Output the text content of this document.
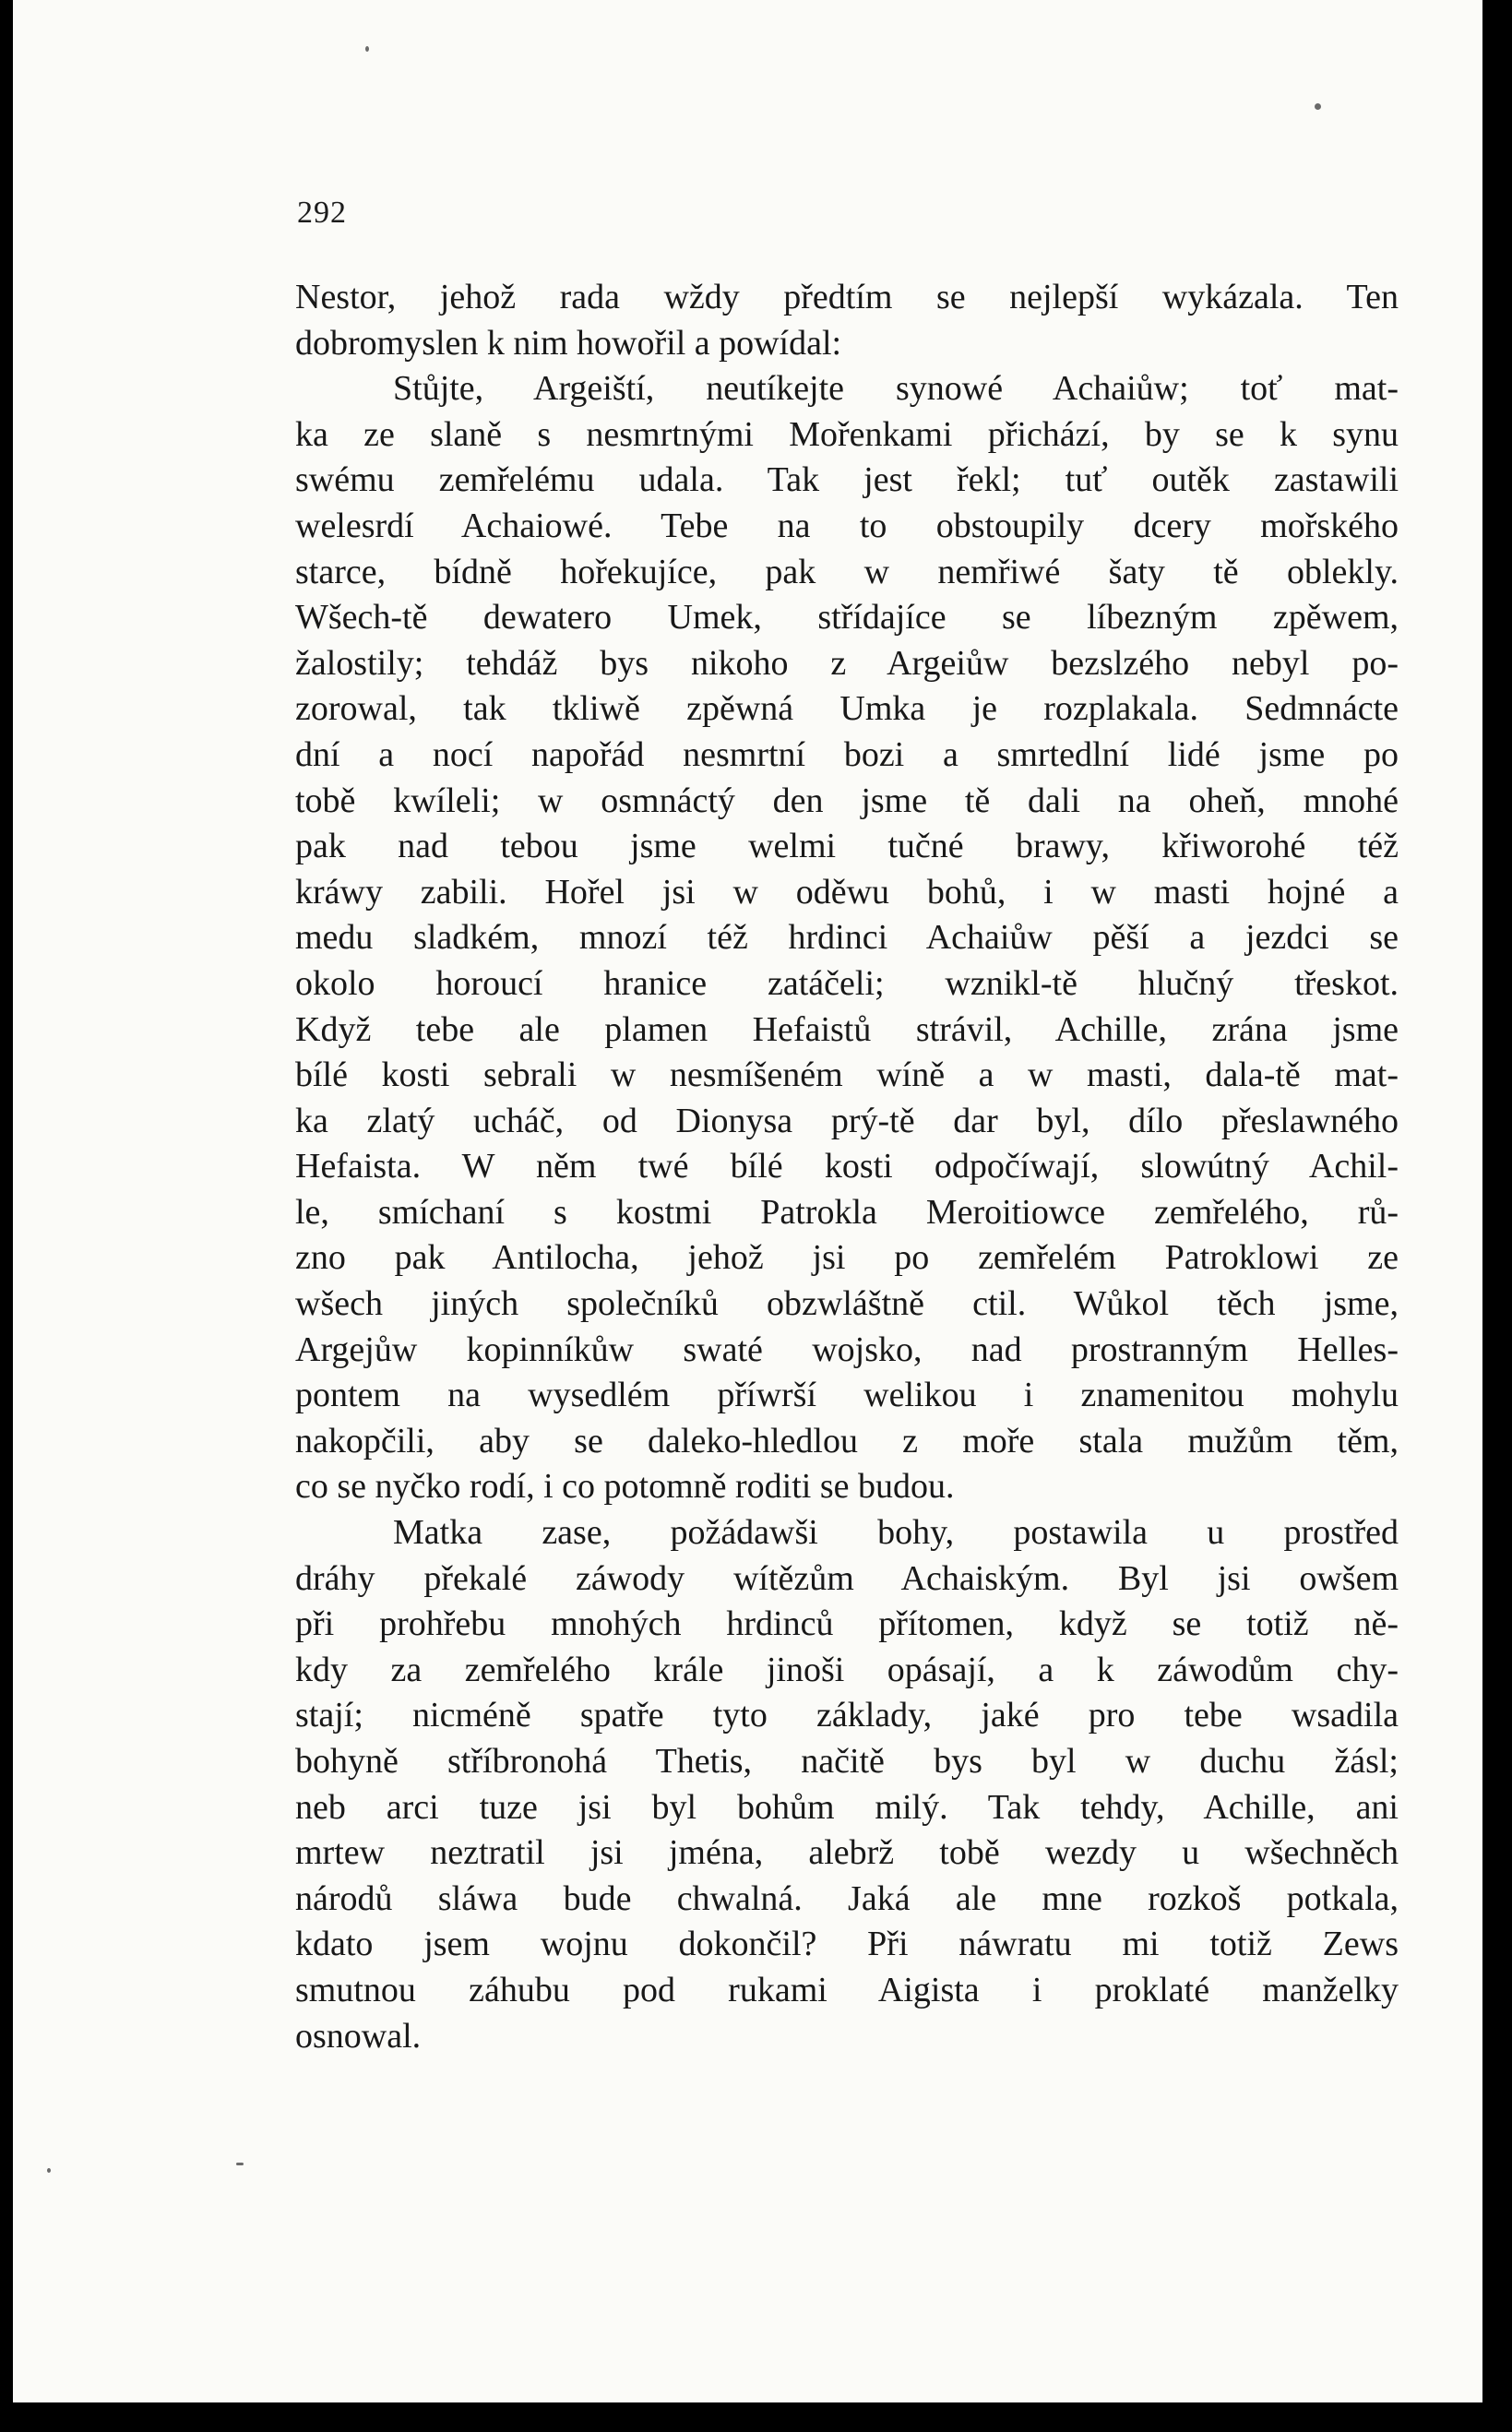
292
Nestor, jehož rada wždy předtím se nejlepší wykázala. Ten
dobromyslen k nim howořil a powídal:
Stůjte, Argeiští, neutíkejte synowé Achaiůw; toť mat-
ka ze slaně s nesmrtnými Mořenkami přichází, by se k synu
swému zemřelému udala. Tak jest řekl; tuť outěk zastawili
welesrdí Achaiowé. Tebe na to obstoupily dcery mořského
starce, bídně hořekujíce, pak w nemřiwé šaty tě oblekly.
Wšech-tě dewatero Umek, střídajíce se líbezným zpěwem,
žalostily; tehdáž bys nikoho z Argeiůw bezslzého nebyl po-
zorowal, tak tkliwě zpěwná Umka je rozplakala. Sedmnácte
dní a nocí napořád nesmrtní bozi a smrtedlní lidé jsme po
tobě kwíleli; w osmnáctý den jsme tě dali na oheň, mnohé
pak nad tebou jsme welmi tučné brawy, křiworohé též
kráwy zabili. Hořel jsi w oděwu bohů, i w masti hojné a
medu sladkém, mnozí též hrdinci Achaiůw pěší a jezdci se
okolo horoucí hranice zatáčeli; wznikl-tě hlučný třeskot.
Když tebe ale plamen Hefaistů strávil, Achille, zrána jsme
bílé kosti sebrali w nesmíšeném wíně a w masti, dala-tě mat-
ka zlatý ucháč, od Dionysa prý-tě dar byl, dílo přeslawného
Hefaista. W něm twé bílé kosti odpočíwají, slowútný Achil-
le, smíchaní s kostmi Patrokla Meroitiowce zemřelého, rů-
zno pak Antilocha, jehož jsi po zemřelém Patroklowi ze
wšech jiných společníků obzwláštně ctil. Wůkol těch jsme,
Argejůw kopinníkůw swaté wojsko, nad prostranným Helles-
pontem na wysedlém příwrší welikou i znamenitou mohylu
nakopčili, aby se daleko-hledlou z moře stala mužům těm,
co se nyčko rodí, i co potomně roditi se budou.
Matka zase, požádawši bohy, postawila u prostřed
dráhy překalé záwody wítězům Achaiským. Byl jsi owšem
při prohřebu mnohých hrdinců přítomen, když se totiž ně-
kdy za zemřelého krále jinoši opásají, a k záwodům chy-
stají; nicméně spatře tyto základy, jaké pro tebe wsadila
bohyně stříbronohá Thetis, načitě bys byl w duchu žásl;
neb arci tuze jsi byl bohům milý. Tak tehdy, Achille, ani
mrtew neztratil jsi jména, alebrž tobě wezdy u wšechněch
národů sláwa bude chwalná. Jaká ale mne rozkoš potkala,
kdato jsem wojnu dokončil? Při náwratu mi totiž Zews
smutnou záhubu pod rukami Aigista i proklaté manželky
osnowal.
